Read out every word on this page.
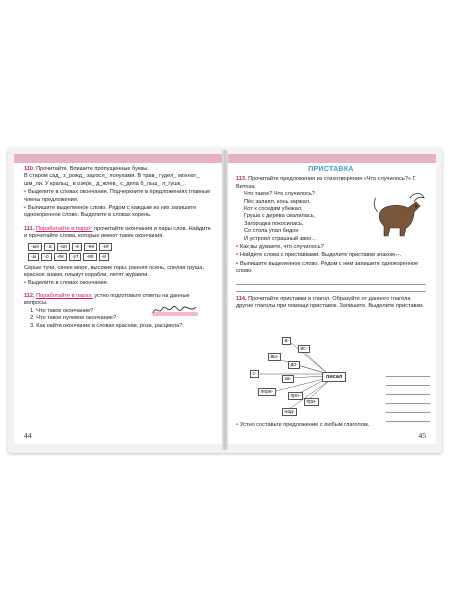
110. Прочитайте. Впишите пропущенные буквы.
В старом сад_ з_рожд_ заросл_ лопухами. В трав_ гудел_ мохнат_ шм_ли. У кральц_ в озерк_ д_жлев_ с_дела б_льш_ л_гушк_.
• Выделите в словах окончания. Подчеркните в предложениях главные члены предложения.
• Выпишите выделенное слово. Рядом с каждым из них запишите однокоренное слово. Выделите в словах корень.
111. Поработайте в парах: прочитайте окончания и пары слов. Найдите и прочитайте слова, которые имеют такие окончания.
-ые	-а	-ая	-е	-ее	-ит
-ы	-о	-ое	-ут	-ия	-и
Серые тучи, синее море, высокие горы, ранняя осень, спелая груша, красное знамя, плывут корабли, летят журавли.
• Выделите в словах окончания.
112. Поработайте в парах: устно подготовьте ответы на данные вопросы.
1. Что такое окончание?
2. Что такое нулевое окончание?
3. Как найти окончание в словах красная, роза, расцвела?
44
ПРИСТАВКА
113. Прочитайте предложения из стихотворения «Что случилось?» Г. Витоза.
Что такое? Что случилось?
Пёс залаял, конь заржал.
Кот к соседям убежал,
Груша с дерева свалилась,
Загородка покосилась,
Со стола упал бидон
И устроил страшный звон…
• Как вы думаете, что случилось?
• Найдите слова с приставками. Выделите приставки знаком ⌐.
• Выпишите выделенное слово. Рядом с ним запишите однокоренное слово.
114. Прочитайте приставки и глагол. Образуйте от данного глагола другие глаголы при помощи приставок. Запишите. Выделите приставки.
в-
вы-
ис-
до-
с-
за-
пере-
про-
при-
над-
писал
• Устно составьте предложение с любым глаголом.
45
